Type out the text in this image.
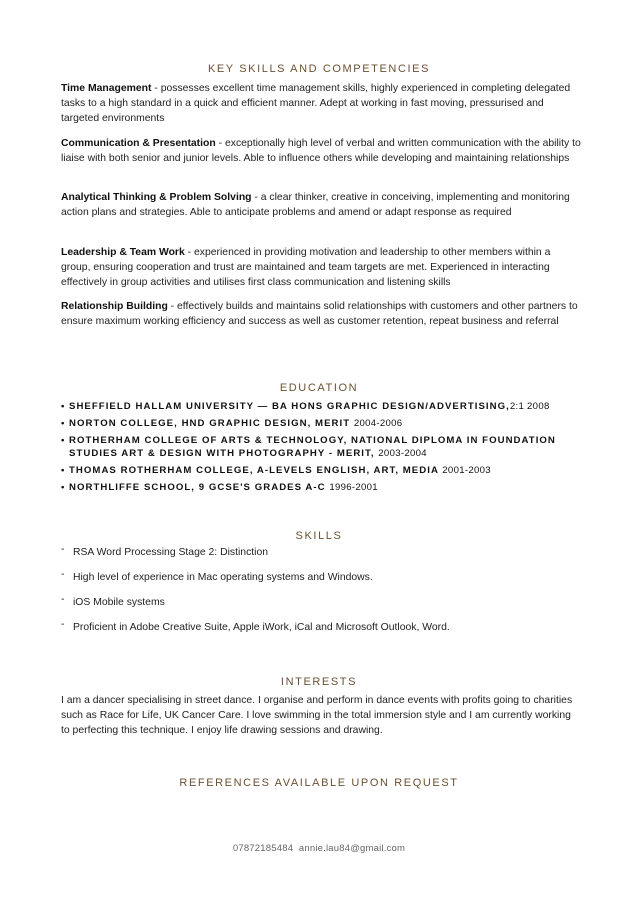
KEY SKILLS AND COMPETENCIES
Time Management - possesses excellent time management skills, highly experienced in completing delegated tasks to a high standard in a quick and efficient manner. Adept at working in fast moving, pressurised and targeted environments
Communication & Presentation - exceptionally high level of verbal and written communication with the ability to liaise with both senior and junior levels. Able to influence others while developing and maintaining relationships
Analytical Thinking & Problem Solving - a clear thinker, creative in conceiving, implementing and monitoring action plans and strategies. Able to anticipate problems and amend or adapt response as required
Leadership & Team Work - experienced in providing motivation and leadership to other members within a group, ensuring cooperation and trust are maintained and team targets are met. Experienced in interacting effectively in group activities and utilises first class communication and listening skills
Relationship Building - effectively builds and maintains solid relationships with customers and other partners to ensure maximum working efficiency and success as well as customer retention, repeat business and referral
EDUCATION
• SHEFFIELD HALLAM UNIVERSITY — BA HONS GRAPHIC DESIGN/ADVERTISING,2:1 2008
• NORTON COLLEGE, HND GRAPHIC DESIGN, MERIT 2004-2006
• ROTHERHAM COLLEGE OF ARTS & TECHNOLOGY, NATIONAL DIPLOMA IN FOUNDATION STUDIES ART & DESIGN WITH PHOTOGRAPHY - MERIT, 2003-2004
• THOMAS ROTHERHAM COLLEGE, A-LEVELS ENGLISH, ART, MEDIA 2001-2003
• NORTHLIFFE SCHOOL, 9 GCSE'S GRADES A-C 1996-2001
SKILLS
- RSA Word Processing Stage 2: Distinction
- High level of experience in Mac operating systems and Windows.
- iOS Mobile systems
- Proficient in Adobe Creative Suite, Apple iWork, iCal and Microsoft Outlook, Word.
INTERESTS
I am a dancer specialising in street dance. I organise and perform in dance events with profits going to charities such as Race for Life, UK Cancer Care. I love swimming in the total immersion style and I am currently working to perfecting this technique. I enjoy life drawing sessions and drawing.
REFERENCES AVAILABLE UPON REQUEST
07872185484 annie.lau84@gmail.com
